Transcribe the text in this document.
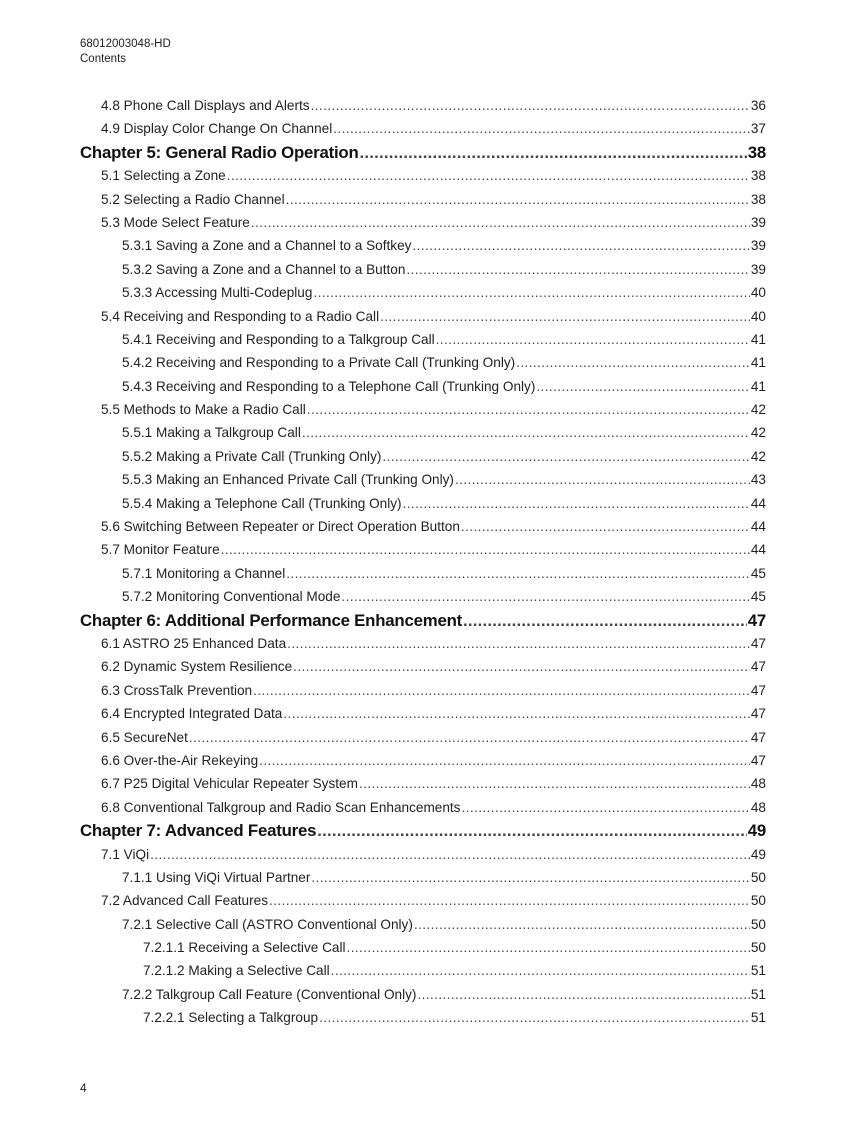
68012003048-HD
Contents
4.8 Phone Call Displays and Alerts .....	36
4.9 Display Color Change On Channel .....	37
Chapter 5: General Radio Operation .....	38
5.1 Selecting a Zone .....	38
5.2 Selecting a Radio Channel .....	38
5.3 Mode Select Feature .....	39
5.3.1 Saving a Zone and a Channel to a Softkey .....	39
5.3.2 Saving a Zone and a Channel to a Button .....	39
5.3.3 Accessing Multi-Codeplug .....	40
5.4 Receiving and Responding to a Radio Call .....	40
5.4.1 Receiving and Responding to a Talkgroup Call .....	41
5.4.2 Receiving and Responding to a Private Call (Trunking Only) .....	41
5.4.3 Receiving and Responding to a Telephone Call (Trunking Only) .....	41
5.5 Methods to Make a Radio Call .....	42
5.5.1 Making a Talkgroup Call .....	42
5.5.2 Making a Private Call (Trunking Only) .....	42
5.5.3 Making an Enhanced Private Call (Trunking Only) .....	43
5.5.4 Making a Telephone Call (Trunking Only) .....	44
5.6 Switching Between Repeater or Direct Operation Button .....	44
5.7 Monitor Feature .....	44
5.7.1 Monitoring a Channel .....	45
5.7.2 Monitoring Conventional Mode .....	45
Chapter 6: Additional Performance Enhancement .....	47
6.1 ASTRO 25 Enhanced Data .....	47
6.2 Dynamic System Resilience .....	47
6.3 CrossTalk Prevention .....	47
6.4 Encrypted Integrated Data .....	47
6.5 SecureNet .....	47
6.6 Over-the-Air Rekeying .....	47
6.7 P25 Digital Vehicular Repeater System .....	48
6.8 Conventional Talkgroup and Radio Scan Enhancements .....	48
Chapter 7: Advanced Features .....	49
7.1 ViQi .....	49
7.1.1 Using ViQi Virtual Partner .....	50
7.2 Advanced Call Features .....	50
7.2.1 Selective Call (ASTRO Conventional Only) .....	50
7.2.1.1 Receiving a Selective Call .....	50
7.2.1.2 Making a Selective Call .....	51
7.2.2 Talkgroup Call Feature (Conventional Only) .....	51
7.2.2.1 Selecting a Talkgroup .....	51
4
